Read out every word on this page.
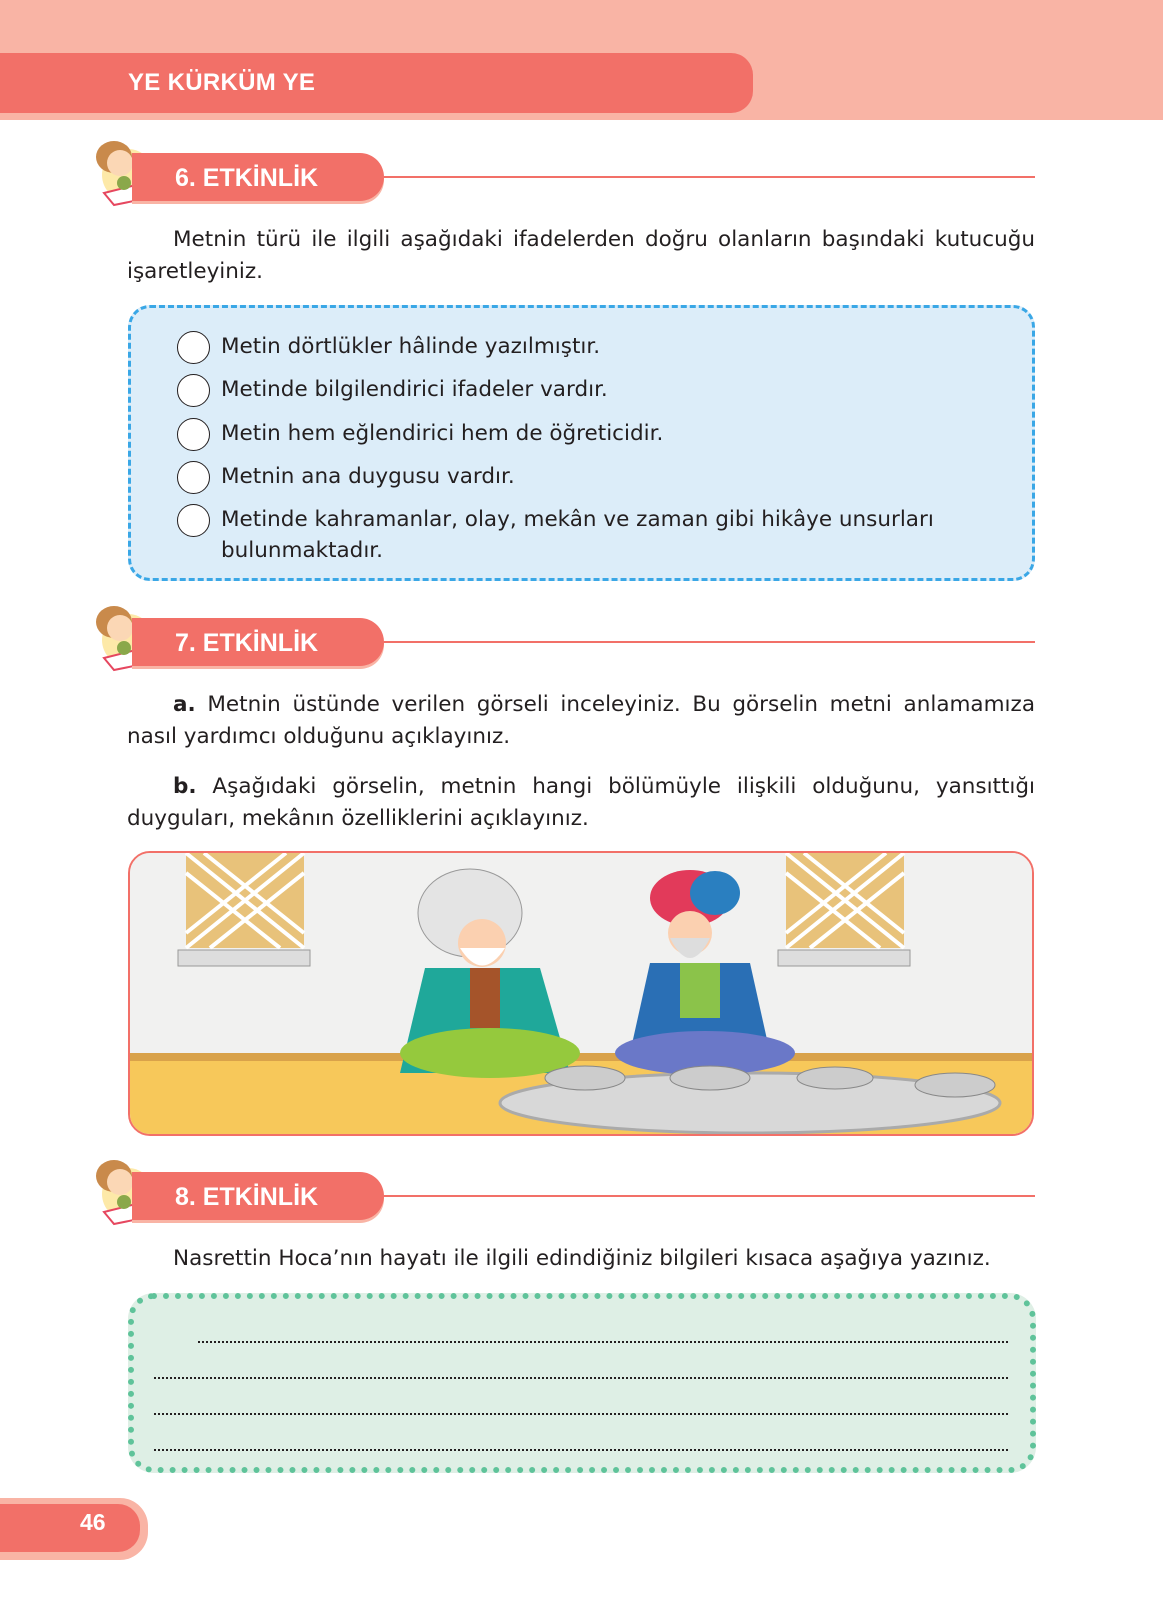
YE KÜRKÜM YE
6. ETKİNLİK
Metnin türü ile ilgili aşağıdaki ifadelerden doğru olanların başındaki kutucuğu işaretleyiniz.
Metin dörtlükler hâlinde yazılmıştır.
Metinde bilgilendirici ifadeler vardır.
Metin hem eğlendirici hem de öğreticidir.
Metnin ana duygusu vardır.
Metinde kahramanlar, olay, mekân ve zaman gibi hikâye unsurları bulunmaktadır.
7. ETKİNLİK
a. Metnin üstünde verilen görseli inceleyiniz. Bu görselin metni anlamamıza nasıl yardımcı olduğunu açıklayınız.
b. Aşağıdaki görselin, metnin hangi bölümüyle ilişkili olduğunu, yansıttığı duyguları, mekânın özelliklerini açıklayınız.
8. ETKİNLİK
Nasrettin Hoca’nın hayatı ile ilgili edindiğiniz bilgileri kısaca aşağıya yazınız.
46
